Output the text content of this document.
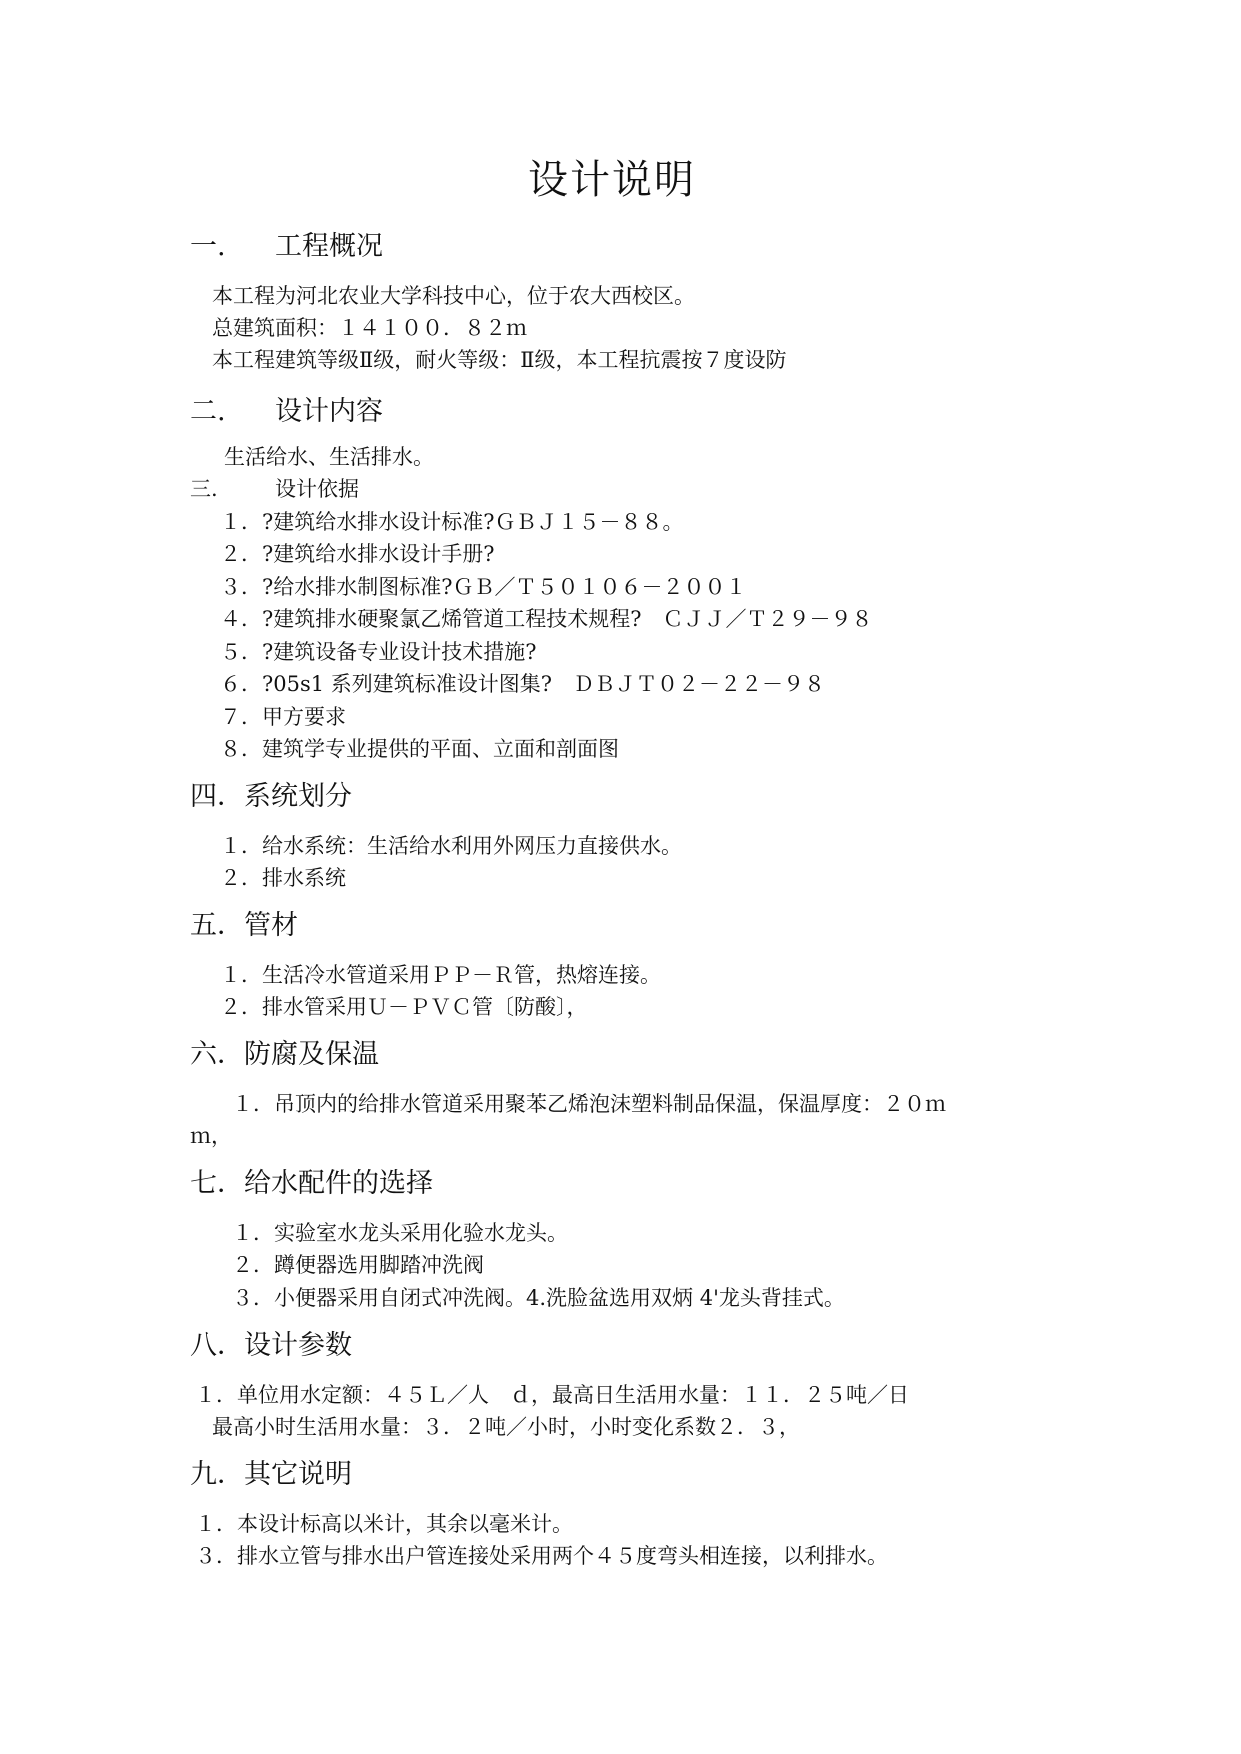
设计说明
一. 工程概况
本工程为河北农业大学科技中心，位于农大西校区。
总建筑面积：１４１００．８２ｍ
本工程建筑等级Ⅱ级，耐火等级：Ⅱ级，本工程抗震按７度设防
二. 设计内容
生活给水、生活排水。
三.	设计依据
１．?建筑给水排水设计标准?ＧＢＪ１５－８８。
２．?建筑给水排水设计手册?
３．?给水排水制图标准?ＧＢ／Ｔ５０１０６－２００１
４．?建筑排水硬聚氯乙烯管道工程技术规程?　ＣＪＪ／Ｔ２９－９８
５．?建筑设备专业设计技术措施?
６．?05s1 系列建筑标准设计图集?　ＤＢＪＴ０２－２２－９８
７．甲方要求
８．建筑学专业提供的平面、立面和剖面图
四．系统划分
１．给水系统：生活给水利用外网压力直接供水。
２．排水系统
五．管材
１．生活冷水管道采用ＰＰ－Ｒ管，热熔连接。
２．排水管采用Ｕ－ＰＶＣ管〔防酸〕，
六．防腐及保温
１．吊顶内的给排水管道采用聚苯乙烯泡沫塑料制品保温，保温厚度：２０ｍ
ｍ，
七．给水配件的选择
１．实验室水龙头采用化验水龙头。
２．蹲便器选用脚踏冲洗阀
３．小便器采用自闭式冲洗阀。4.洗脸盆选用双炳 4'龙头背挂式。
八．设计参数
１．单位用水定额：４５Ｌ／人　ｄ，最高日生活用水量：１１．２５吨／日
最高小时生活用水量：３．２吨／小时，小时变化系数２．３，
九．其它说明
１．本设计标高以米计，其余以毫米计。
３．排水立管与排水出户管连接处采用两个４５度弯头相连接，以利排水。
